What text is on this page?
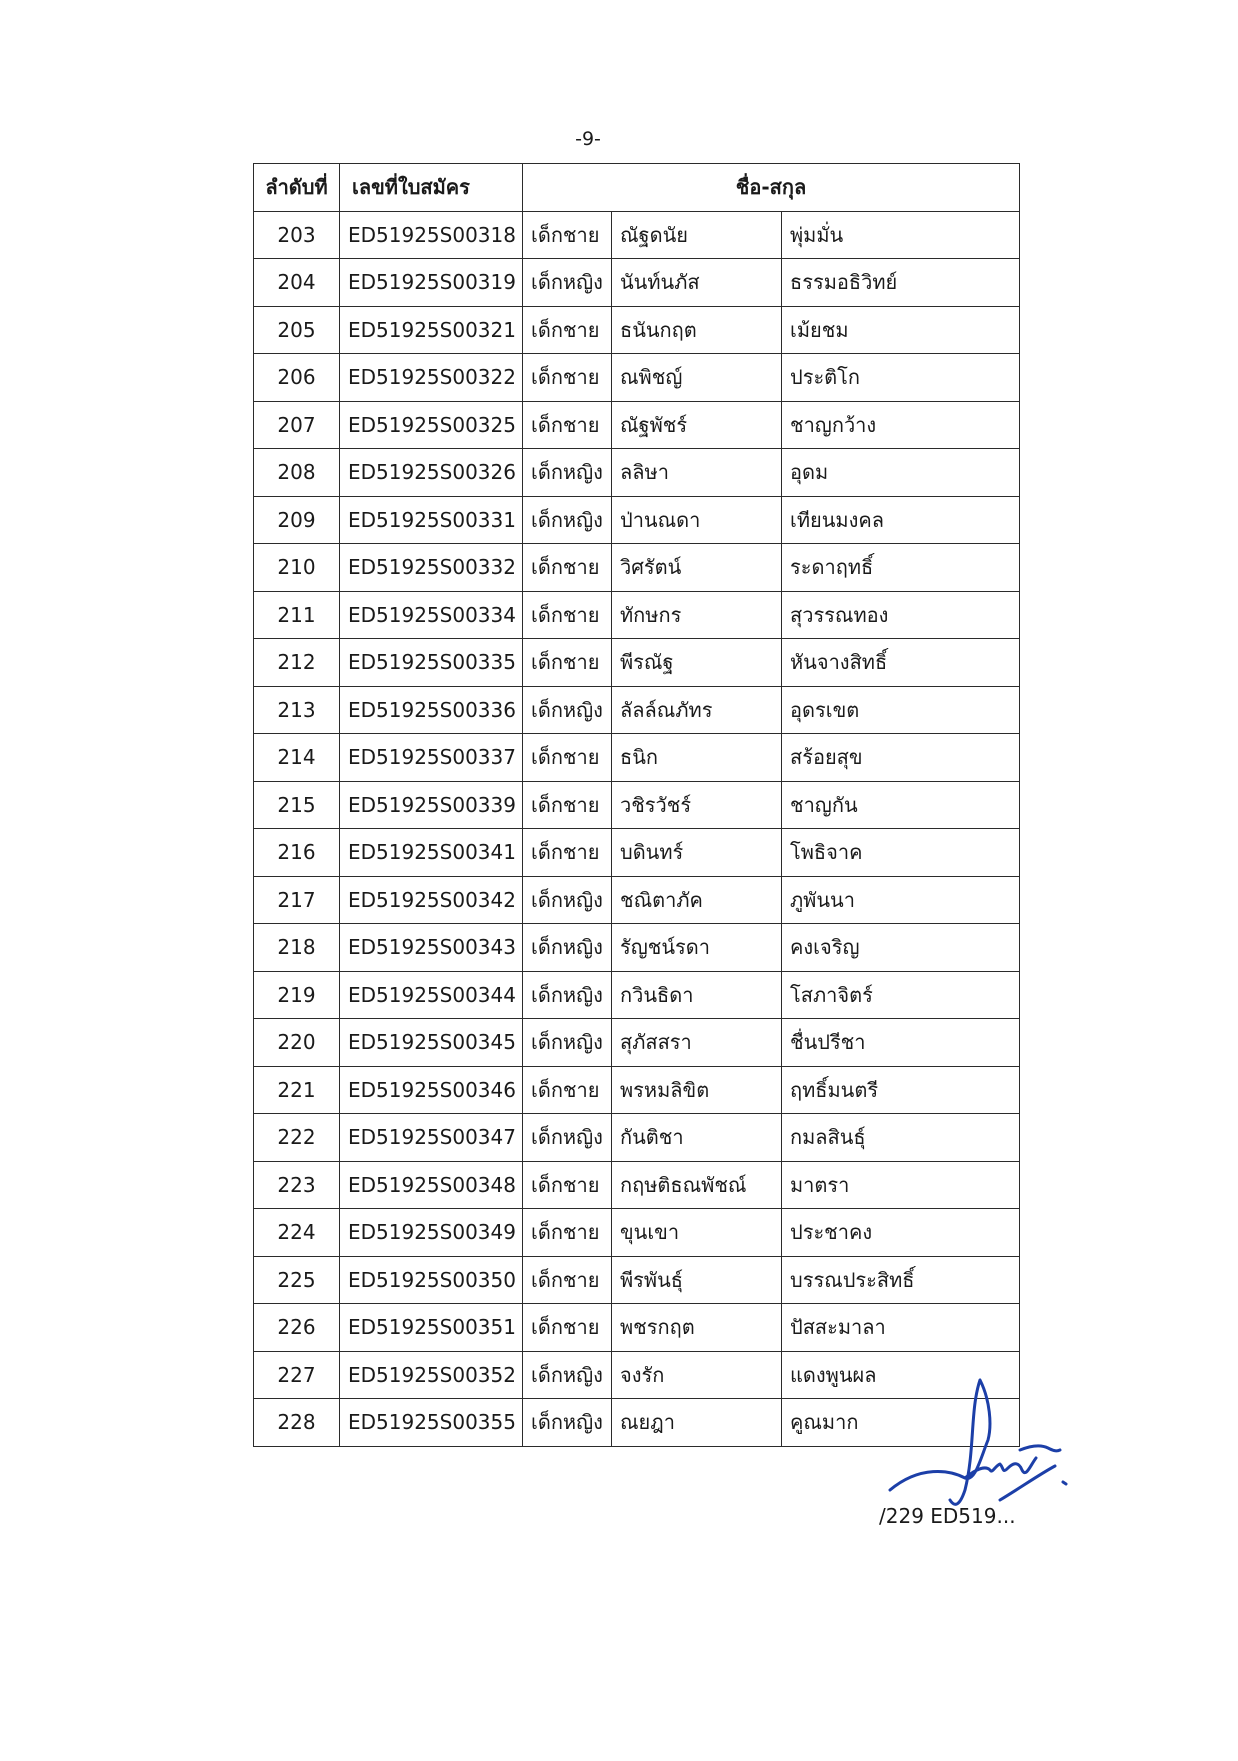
-9-
ลำดับที่	เลขที่ใบสมัคร	ชื่อ-สกุล		
203	ED51925S00318	เด็กชาย	ณัฐดนัย	พุ่มมั่น
204	ED51925S00319	เด็กหญิง	นันท์นภัส	ธรรมอธิวิทย์
205	ED51925S00321	เด็กชาย	ธนันกฤต	เม้ยชม
206	ED51925S00322	เด็กชาย	ณพิชญ์	ประติโก
207	ED51925S00325	เด็กชาย	ณัฐพัชร์	ชาญกว้าง
208	ED51925S00326	เด็กหญิง	ลลิษา	อุดม
209	ED51925S00331	เด็กหญิง	ป่านณดา	เทียนมงคล
210	ED51925S00332	เด็กชาย	วิศรัตน์	ระดาฤทธิ์
211	ED51925S00334	เด็กชาย	ทักษกร	สุวรรณทอง
212	ED51925S00335	เด็กชาย	พีรณัฐ	หันจางสิทธิ์
213	ED51925S00336	เด็กหญิง	ลัลล์ณภัทร	อุดรเขต
214	ED51925S00337	เด็กชาย	ธนิก	สร้อยสุข
215	ED51925S00339	เด็กชาย	วชิรวัชร์	ชาญกัน
216	ED51925S00341	เด็กชาย	บดินทร์	โพธิจาค
217	ED51925S00342	เด็กหญิง	ชณิตาภัค	ภูพันนา
218	ED51925S00343	เด็กหญิง	รัญชน์รดา	คงเจริญ
219	ED51925S00344	เด็กหญิง	กวินธิดา	โสภาจิตร์
220	ED51925S00345	เด็กหญิง	สุภัสสรา	ชื่นปรีชา
221	ED51925S00346	เด็กชาย	พรหมลิขิต	ฤทธิ์มนตรี
222	ED51925S00347	เด็กหญิง	กันติชา	กมลสินธุ์
223	ED51925S00348	เด็กชาย	กฤษติธณพัชณ์	มาตรา
224	ED51925S00349	เด็กชาย	ขุนเขา	ประชาคง
225	ED51925S00350	เด็กชาย	พีรพันธุ์	บรรณประสิทธิ์
226	ED51925S00351	เด็กชาย	พชรกฤต	ปัสสะมาลา
227	ED51925S00352	เด็กหญิง	จงรัก	แดงพูนผล
228	ED51925S00355	เด็กหญิง	ณยฎา	คูณมาก
/229 ED519...
